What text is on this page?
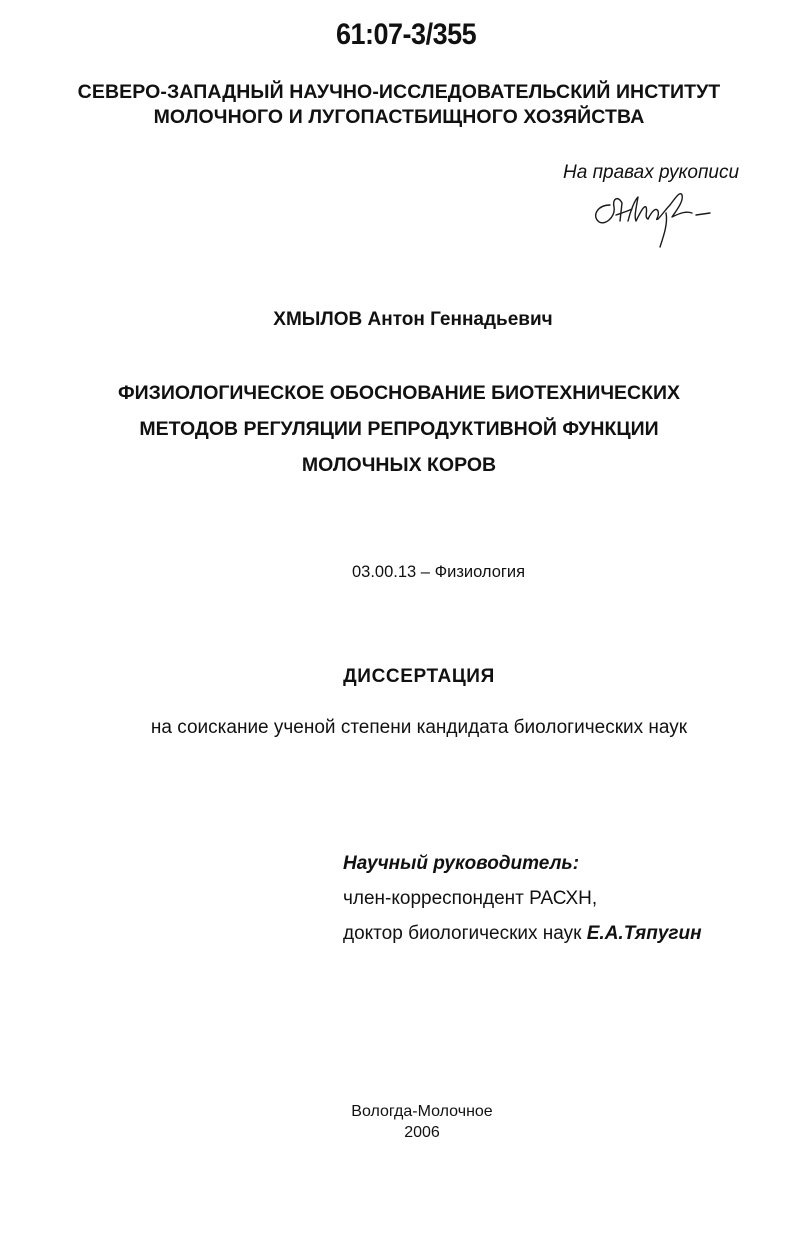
61:07-3/355
СЕВЕРО-ЗАПАДНЫЙ НАУЧНО-ИССЛЕДОВАТЕЛЬСКИЙ ИНСТИТУТ
МОЛОЧНОГО И ЛУГОПАСТБИЩНОГО ХОЗЯЙСТВА
На правах рукописи
ХМЫЛОВ Антон Геннадьевич
ФИЗИОЛОГИЧЕСКОЕ ОБОСНОВАНИЕ БИОТЕХНИЧЕСКИХ
МЕТОДОВ РЕГУЛЯЦИИ РЕПРОДУКТИВНОЙ ФУНКЦИИ
МОЛОЧНЫХ КОРОВ
03.00.13 – Физиология
ДИССЕРТАЦИЯ
на соискание ученой степени кандидата биологических наук
Научный руководитель:
член-корреспондент РАСХН,
доктор биологических наук Е.А.Тяпугин
Вологда-Молочное
2006
